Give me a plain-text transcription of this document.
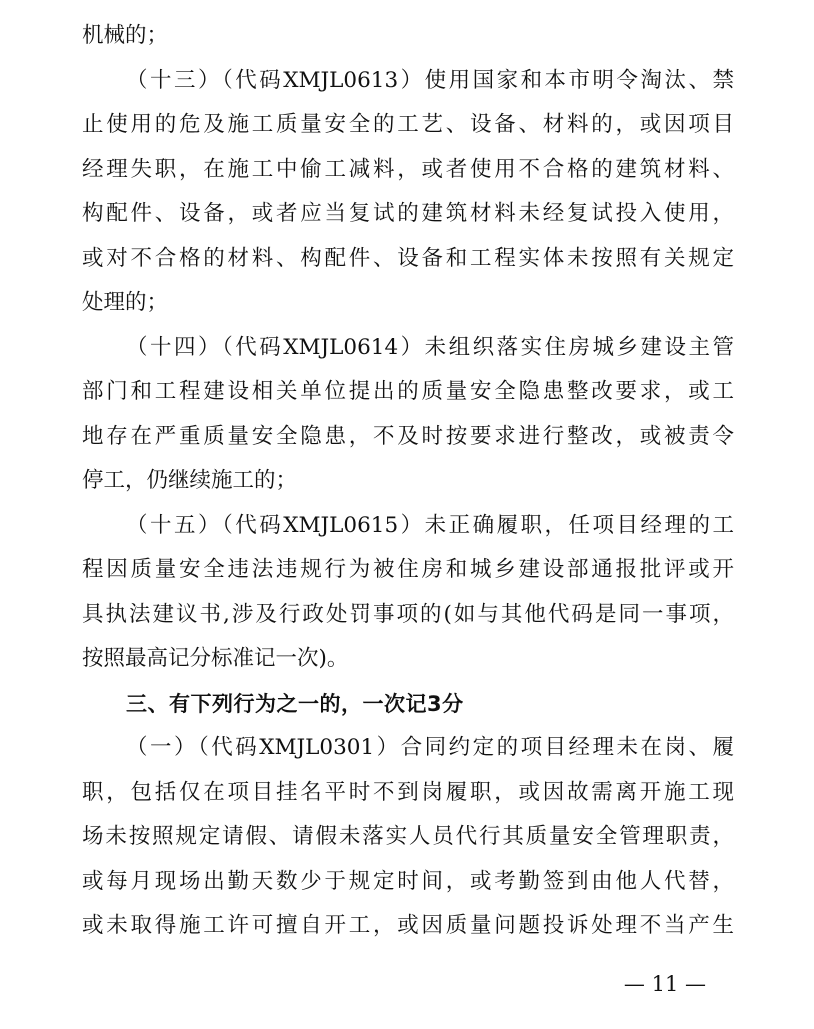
机械的；
（十三）（代码XMJL0613）使用国家和本市明令淘汰、禁
止使用的危及施工质量安全的工艺、设备、材料的，或因项目
经理失职，在施工中偷工减料，或者使用不合格的建筑材料、
构配件、设备，或者应当复试的建筑材料未经复试投入使用，
或对不合格的材料、构配件、设备和工程实体未按照有关规定
处理的；
（十四）（代码XMJL0614）未组织落实住房城乡建设主管
部门和工程建设相关单位提出的质量安全隐患整改要求，或工
地存在严重质量安全隐患，不及时按要求进行整改，或被责令
停工，仍继续施工的；
（十五）（代码XMJL0615）未正确履职，任项目经理的工
程因质量安全违法违规行为被住房和城乡建设部通报批评或开
具执法建议书,涉及行政处罚事项的(如与其他代码是同一事项，
按照最高记分标准记一次)。
三、有下列行为之一的，一次记3分
（一）（代码XMJL0301）合同约定的项目经理未在岗、履
职，包括仅在项目挂名平时不到岗履职，或因故需离开施工现
场未按照规定请假、请假未落实人员代行其质量安全管理职责，
或每月现场出勤天数少于规定时间，或考勤签到由他人代替，
或未取得施工许可擅自开工，或因质量问题投诉处理不当产生
— 11 —
